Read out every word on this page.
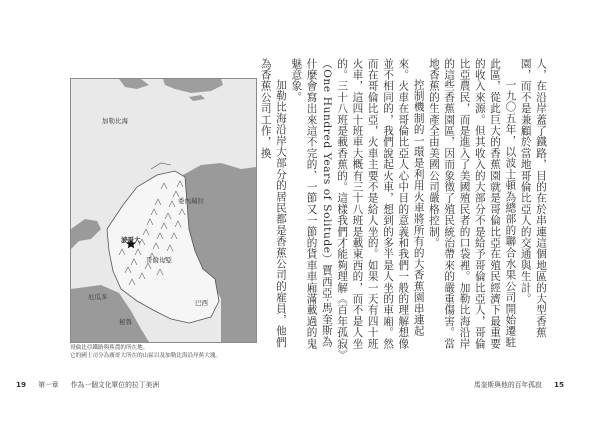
加勒比海
委內瑞拉
波哥大
哥倫比亞
厄瓜多
秘魯
巴西
哥倫比亞鐵路與蕉農的所在地。
它的國土司分為廣哥大所在的山區以及加勒比海沿岸蕉大塊。

人，在沿岸蓋了鐵路，目的在於串連這個地區的大型香蕉園，而不是兼顧於當地哥倫比亞人的交通與生計。

一九〇五年，以波士頓為總部的聯合水果公司開始遷駐此區，從此巨大的香蕉園就是哥倫比亞在殖民經濟下最重要的收入來源。但其收入的大部分不是給予哥倫比亞人，哥倫比亞農民，而是進入了美國殖民者的口袋裡。加勒比海沿岸的這些香蕉園區，因而象徵了殖民統治帶來的嚴重傷害。當地香蕉的生產全由美國公司嚴格控制。

控制機制的一環是利用火車將所有的大香蕉園串連起來。火車在哥倫比亞人心中目的意義和我們一般的理解想像並不相同的，我們說起火車，想到的多半是人坐的車廂。然而在哥倫比亞，火車主要不是給人坐的。如果一天有四十班火車，這四十班車大概有三十八班是載東西的，而不是人坐的。三十八班是載香蕉的。這樣我們才能夠理解《百年孤寂》（One Hundred Years of Solitude）賈西亞·馬奎斯為什麼會寫出來這不完的、一節又一節的貨車車廂滿載過的鬼魅意象。

加勒比海沿岸大部分的居民都是香蕉公司的雇員，他們為香蕉公司工作，換

19 第一章 作為一個文化單位的拉丁美洲	馬奎斯與他的百年孤寂 15
